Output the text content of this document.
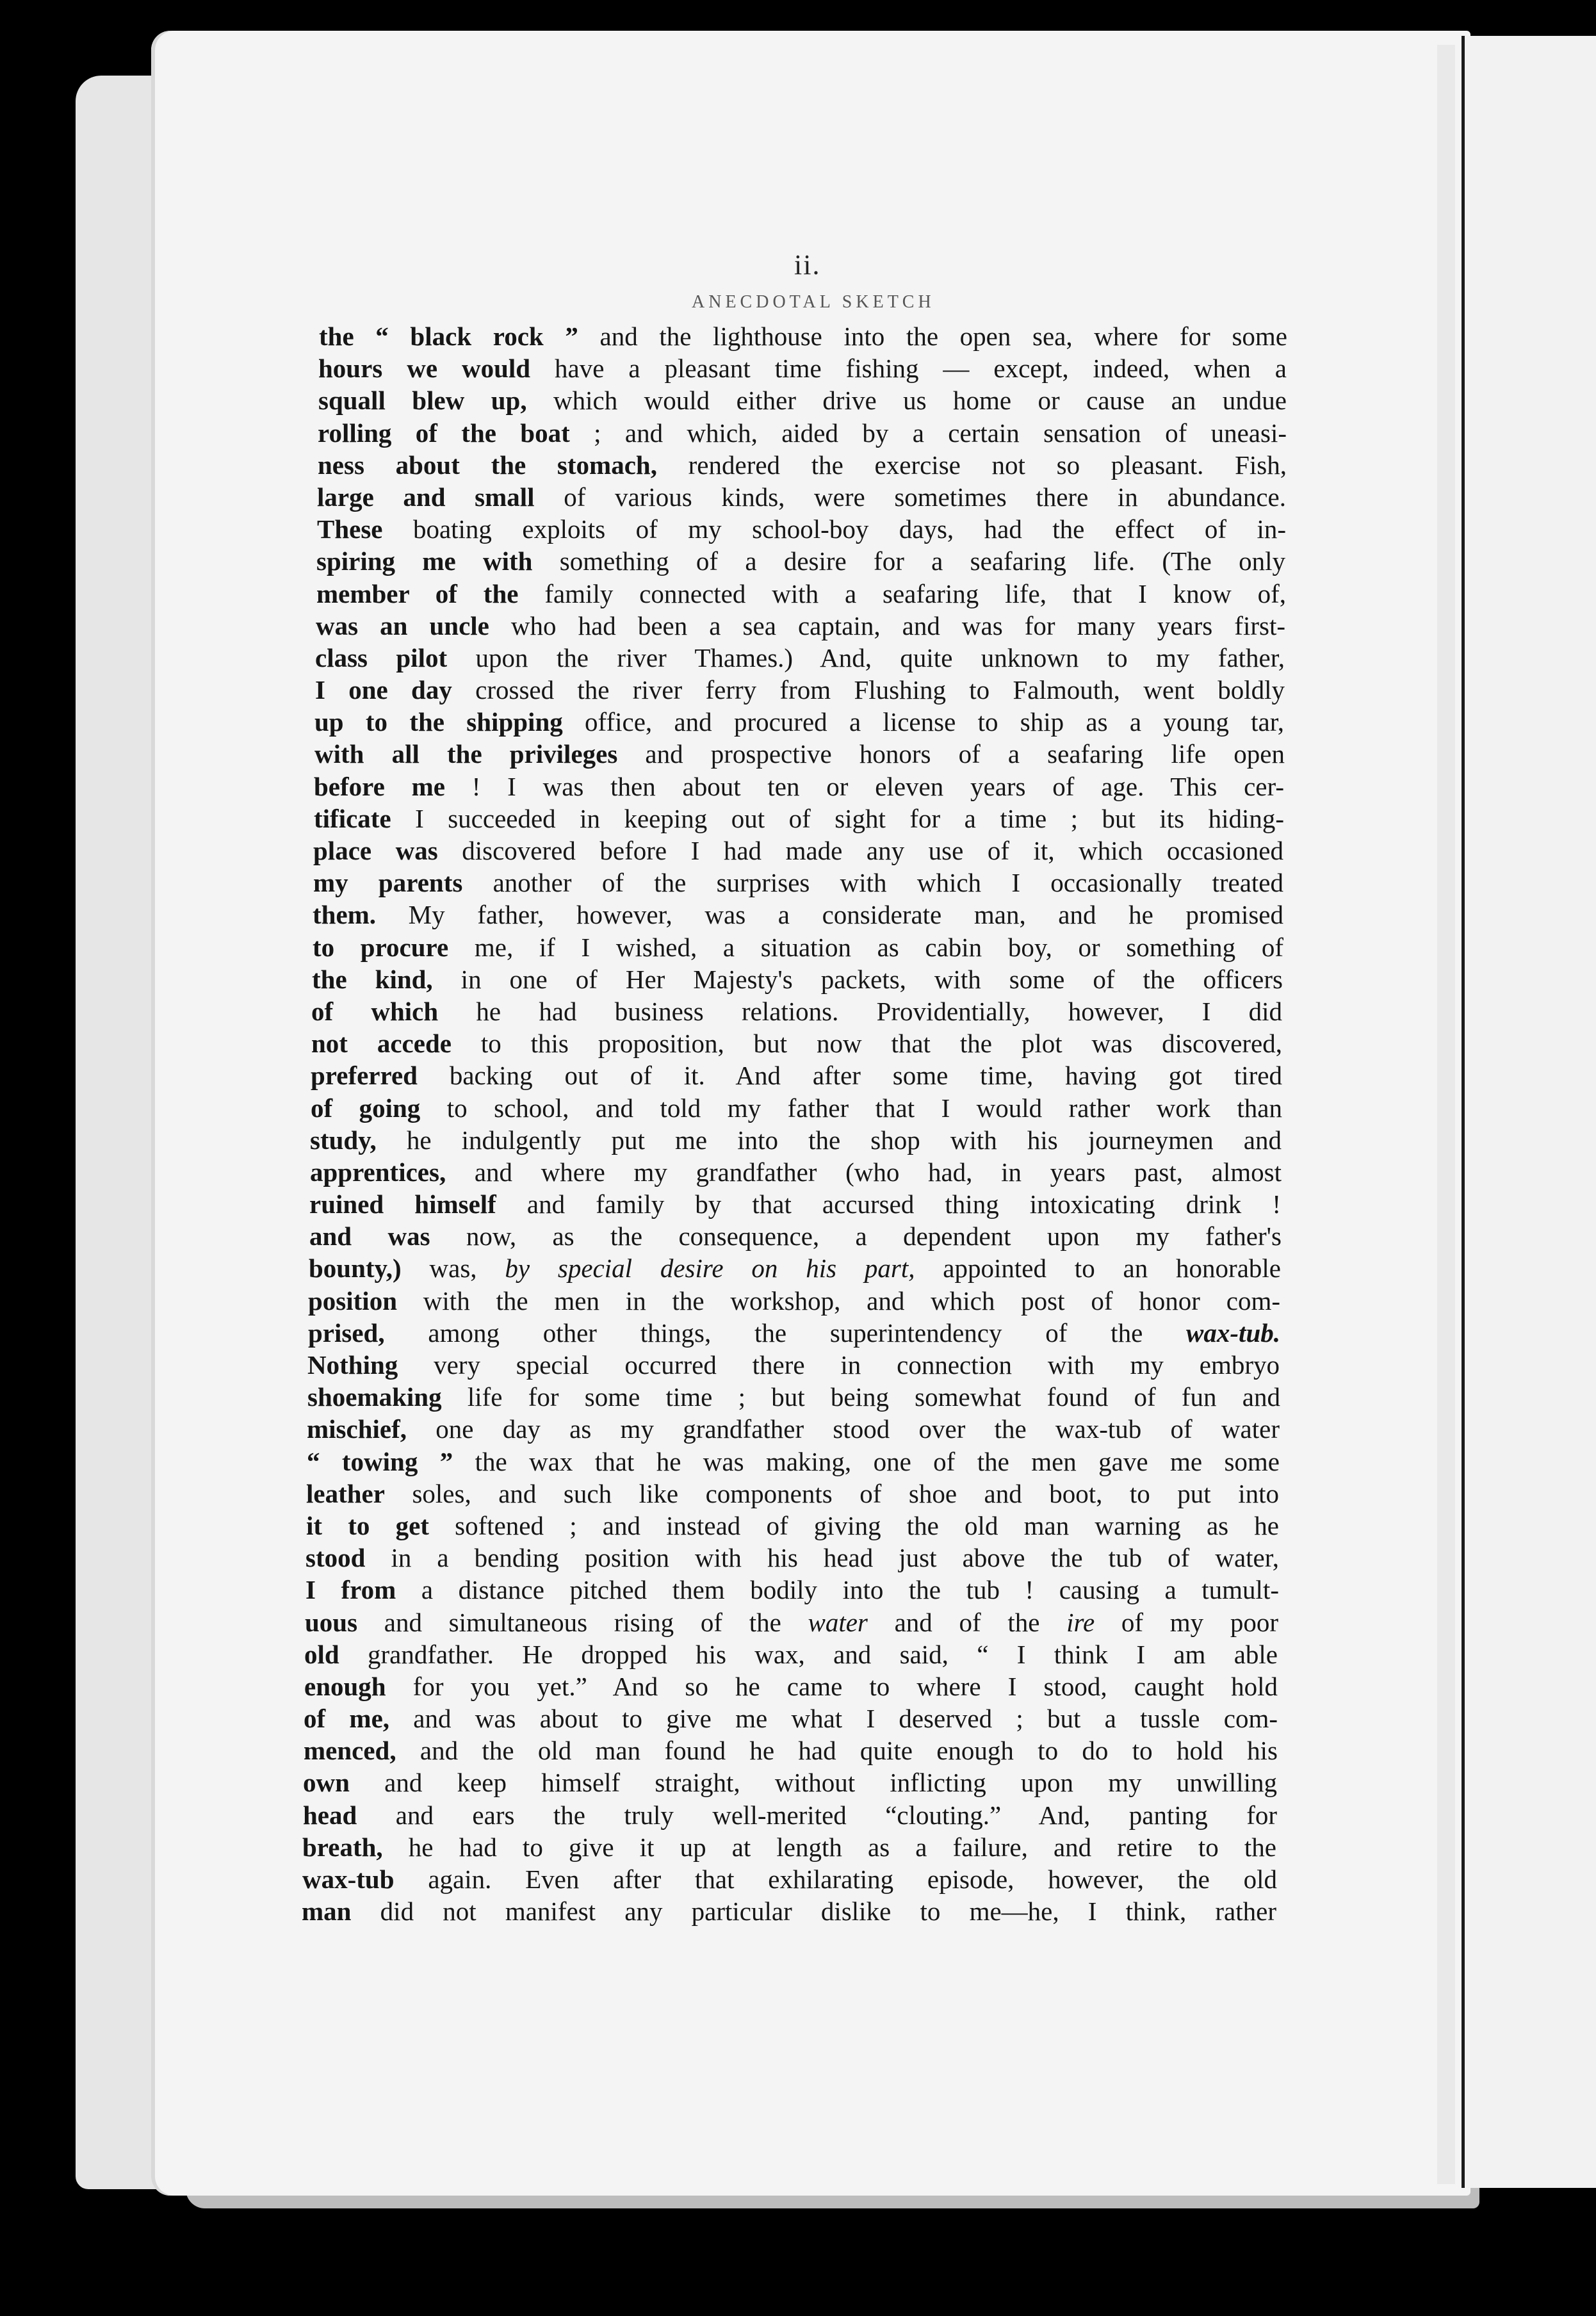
ii.
ANECDOTAL SKETCH
the “ black rock ” and the lighthouse into the open sea, where for some
hours we would have a pleasant time fishing — except, indeed, when a
squall blew up, which would either drive us home or cause an undue
rolling of the boat ; and which, aided by a certain sensation of uneasi-
ness about the stomach, rendered the exercise not so pleasant. Fish,
large and small of various kinds, were sometimes there in abundance.
These boating exploits of my school-boy days, had the effect of in-
spiring me with something of a desire for a seafaring life. (The only
member of the family connected with a seafaring life, that I know of,
was an uncle who had been a sea captain, and was for many years first-
class pilot upon the river Thames.) And, quite unknown to my father,
I one day crossed the river ferry from Flushing to Falmouth, went boldly
up to the shipping office, and procured a license to ship as a young tar,
with all the privileges and prospective honors of a seafaring life open
before me ! I was then about ten or eleven years of age. This cer-
tificate I succeeded in keeping out of sight for a time ; but its hiding-
place was discovered before I had made any use of it, which occasioned
my parents another of the surprises with which I occasionally treated
them. My father, however, was a considerate man, and he promised
to procure me, if I wished, a situation as cabin boy, or something of
the kind, in one of Her Majesty's packets, with some of the officers
of which he had business relations. Providentially, however, I did
not accede to this proposition, but now that the plot was discovered,
preferred backing out of it. And after some time, having got tired
of going to school, and told my father that I would rather work than
study, he indulgently put me into the shop with his journeymen and
apprentices, and where my grandfather (who had, in years past, almost
ruined himself and family by that accursed thing intoxicating drink !
and was now, as the consequence, a dependent upon my father's
bounty,) was, by special desire on his part, appointed to an honorable
position with the men in the workshop, and which post of honor com-
prised, among other things, the superintendency of the wax-tub.
Nothing very special occurred there in connection with my embryo
shoemaking life for some time ; but being somewhat found of fun and
mischief, one day as my grandfather stood over the wax-tub of water
“ towing ” the wax that he was making, one of the men gave me some
leather soles, and such like components of shoe and boot, to put into
it to get softened ; and instead of giving the old man warning as he
stood in a bending position with his head just above the tub of water,
I from a distance pitched them bodily into the tub ! causing a tumult-
uous and simultaneous rising of the water and of the ire of my poor
old grandfather. He dropped his wax, and said, “ I think I am able
enough for you yet.” And so he came to where I stood, caught hold
of me, and was about to give me what I deserved ; but a tussle com-
menced, and the old man found he had quite enough to do to hold his
own and keep himself straight, without inflicting upon my unwilling
head and ears the truly well-merited “clouting.” And, panting for
breath, he had to give it up at length as a failure, and retire to the
wax-tub again. Even after that exhilarating episode, however, the old
man did not manifest any particular dislike to me—he, I think, rather
